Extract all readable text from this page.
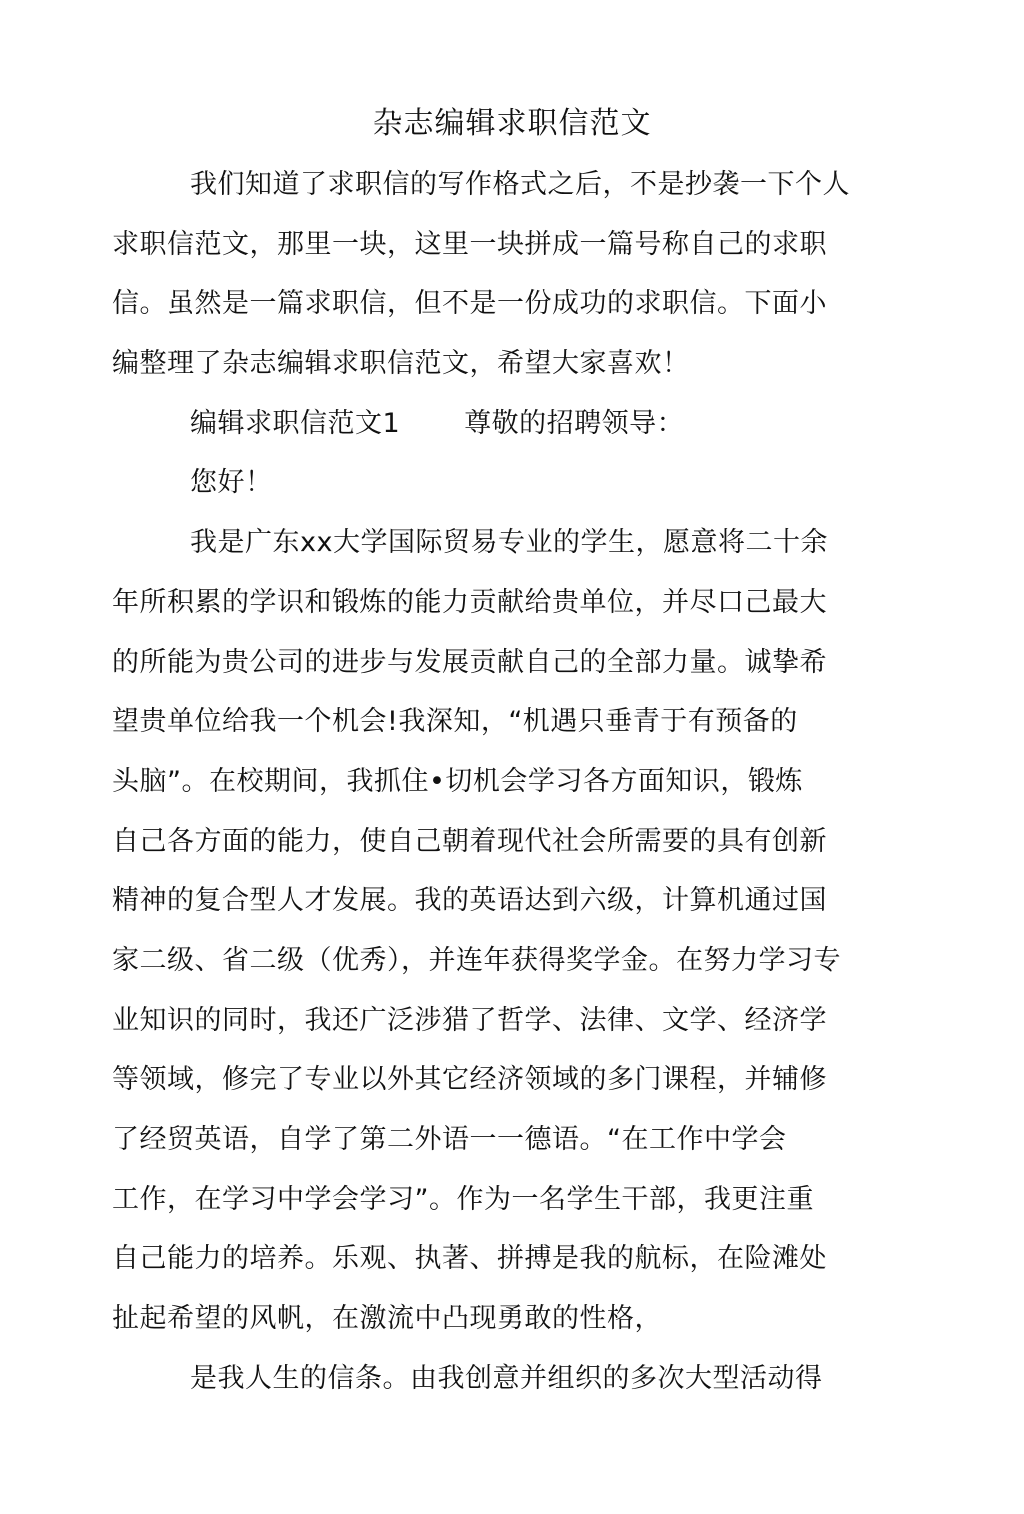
杂志编辑求职信范文
我们知道了求职信的写作格式之后，不是抄袭一下个人
求职信范文，那里一块，这里一块拼成一篇号称自己的求职
信。虽然是一篇求职信，但不是一份成功的求职信。下面小
编整理了杂志编辑求职信范文，希望大家喜欢！
编辑求职信范文1 尊敬的招聘领导：
您好！
我是广东xx大学国际贸易专业的学生，愿意将二十余
年所积累的学识和锻炼的能力贡献给贵单位，并尽口己最大
的所能为贵公司的进步与发展贡献自己的全部力量。诚挚希
望贵单位给我一个机会!我深知，“机遇只垂青于有预备的
头脑”。在校期间，我抓住•切机会学习各方面知识，锻炼
自己各方面的能力，使自己朝着现代社会所需要的具有创新
精神的复合型人才发展。我的英语达到六级，计算机通过国
家二级、省二级（优秀），并连年获得奖学金。在努力学习专
业知识的同时，我还广泛涉猎了哲学、法律、文学、经济学
等领域，修完了专业以外其它经济领域的多门课程，并辅修
了经贸英语，自学了第二外语一一德语。“在工作中学会
工作，在学习中学会学习”。作为一名学生干部，我更注重
自己能力的培养。乐观、执著、拼搏是我的航标，在险滩处
扯起希望的风帆，在激流中凸现勇敢的性格，
是我人生的信条。由我创意并组织的多次大型活动得
